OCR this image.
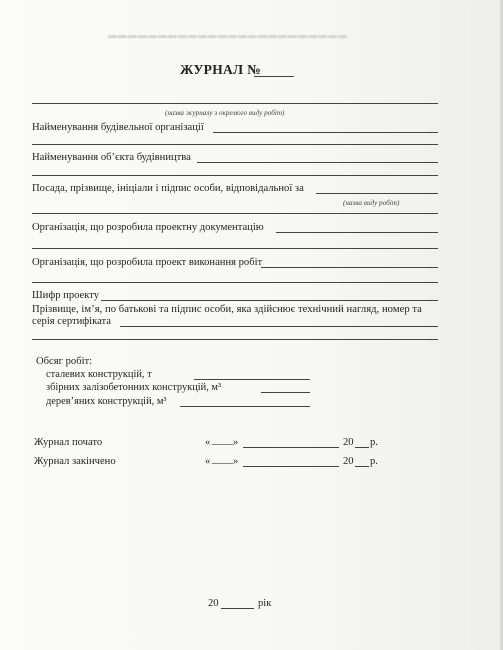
▬▬▬▬▬▬▬▬▬▬▬▬▬▬▬▬▬▬▬▬▬▬▬▬
ЖУРНАЛ №
(назва журналу з окремого виду робіт)
Найменування будівельної організації
Найменування об’єкта будівництва
Посада, прізвище, ініціали і підпис особи, відповідальної за
(назва виду робіт)
Організація, що розробила проектну документацію
Організація, що розробила проект виконання робіт
Шифр проекту
Прізвище, ім’я, по батькові та підпис особи, яка здійснює технічний нагляд, номер та
серія сертифіката
Обсяг робіт:
сталевих конструкцій, т
збірних залізобетонних конструкцій, м³
дерев’яних конструкцій, м³
Журнал почато	« ____ »	20 р.
Журнал закінчено	« ____ »	20 р.
20	рік
